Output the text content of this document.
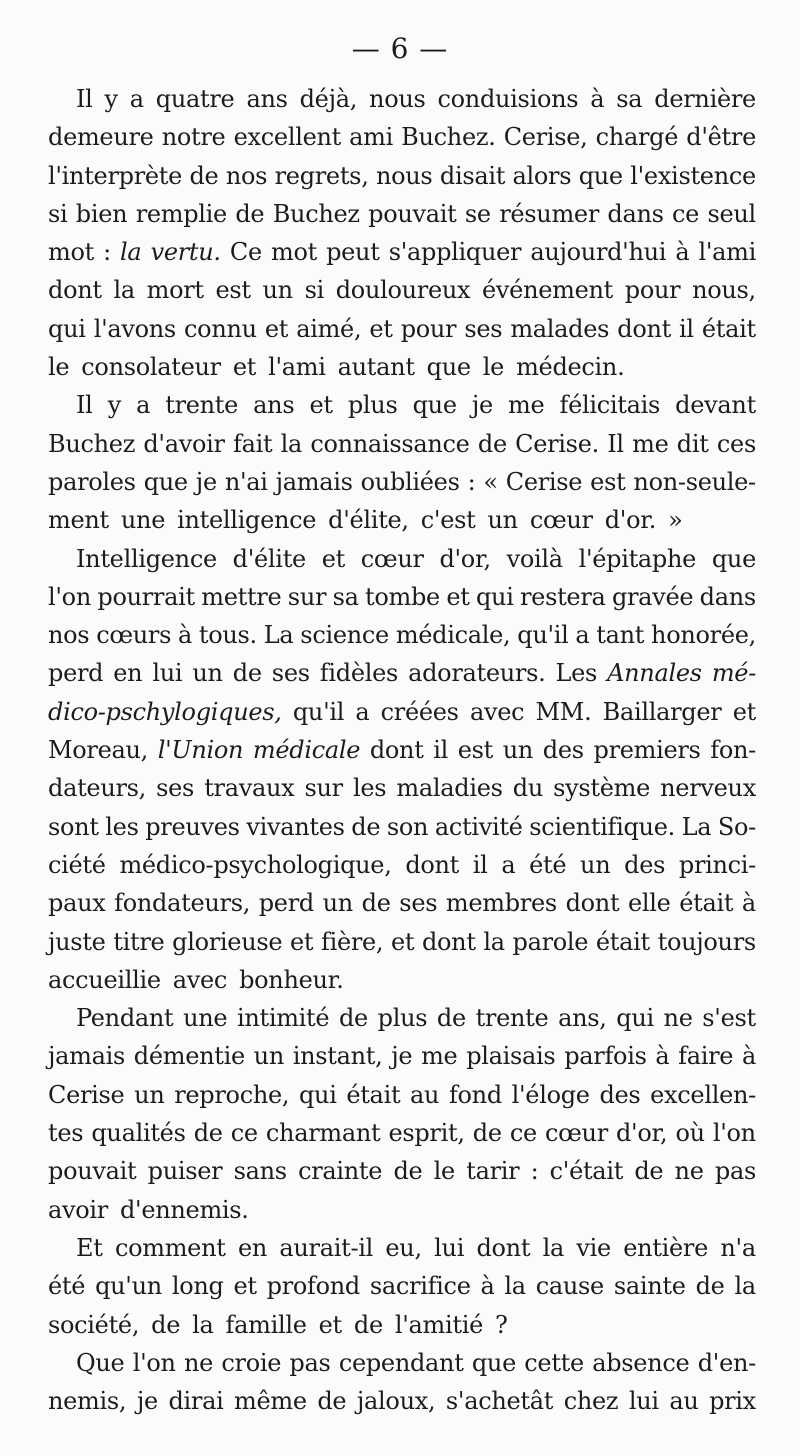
— 6 —
Il y a quatre ans déjà, nous conduisions à sa dernière
demeure notre excellent ami Buchez. Cerise, chargé d'être
l'interprète de nos regrets, nous disait alors que l'existence
si bien remplie de Buchez pouvait se résumer dans ce seul
mot : la vertu. Ce mot peut s'appliquer aujourd'hui à l'ami
dont la mort est un si douloureux événement pour nous,
qui l'avons connu et aimé, et pour ses malades dont il était
le consolateur et l'ami autant que le médecin.
Il y a trente ans et plus que je me félicitais devant
Buchez d'avoir fait la connaissance de Cerise. Il me dit ces
paroles que je n'ai jamais oubliées : « Cerise est non-seule-
ment une intelligence d'élite, c'est un cœur d'or. »
Intelligence d'élite et cœur d'or, voilà l'épitaphe que
l'on pourrait mettre sur sa tombe et qui restera gravée dans
nos cœurs à tous. La science médicale, qu'il a tant honorée,
perd en lui un de ses fidèles adorateurs. Les Annales mé-
dico-pschylogiques, qu'il a créées avec MM. Baillarger et
Moreau, l'Union médicale dont il est un des premiers fon-
dateurs, ses travaux sur les maladies du système nerveux
sont les preuves vivantes de son activité scientifique. La So-
ciété médico-psychologique, dont il a été un des princi-
paux fondateurs, perd un de ses membres dont elle était à
juste titre glorieuse et fière, et dont la parole était toujours
accueillie avec bonheur.
Pendant une intimité de plus de trente ans, qui ne s'est
jamais démentie un instant, je me plaisais parfois à faire à
Cerise un reproche, qui était au fond l'éloge des excellen-
tes qualités de ce charmant esprit, de ce cœur d'or, où l'on
pouvait puiser sans crainte de le tarir : c'était de ne pas
avoir d'ennemis.
Et comment en aurait-il eu, lui dont la vie entière n'a
été qu'un long et profond sacrifice à la cause sainte de la
société, de la famille et de l'amitié ?
Que l'on ne croie pas cependant que cette absence d'en-
nemis, je dirai même de jaloux, s'achetât chez lui au prix
